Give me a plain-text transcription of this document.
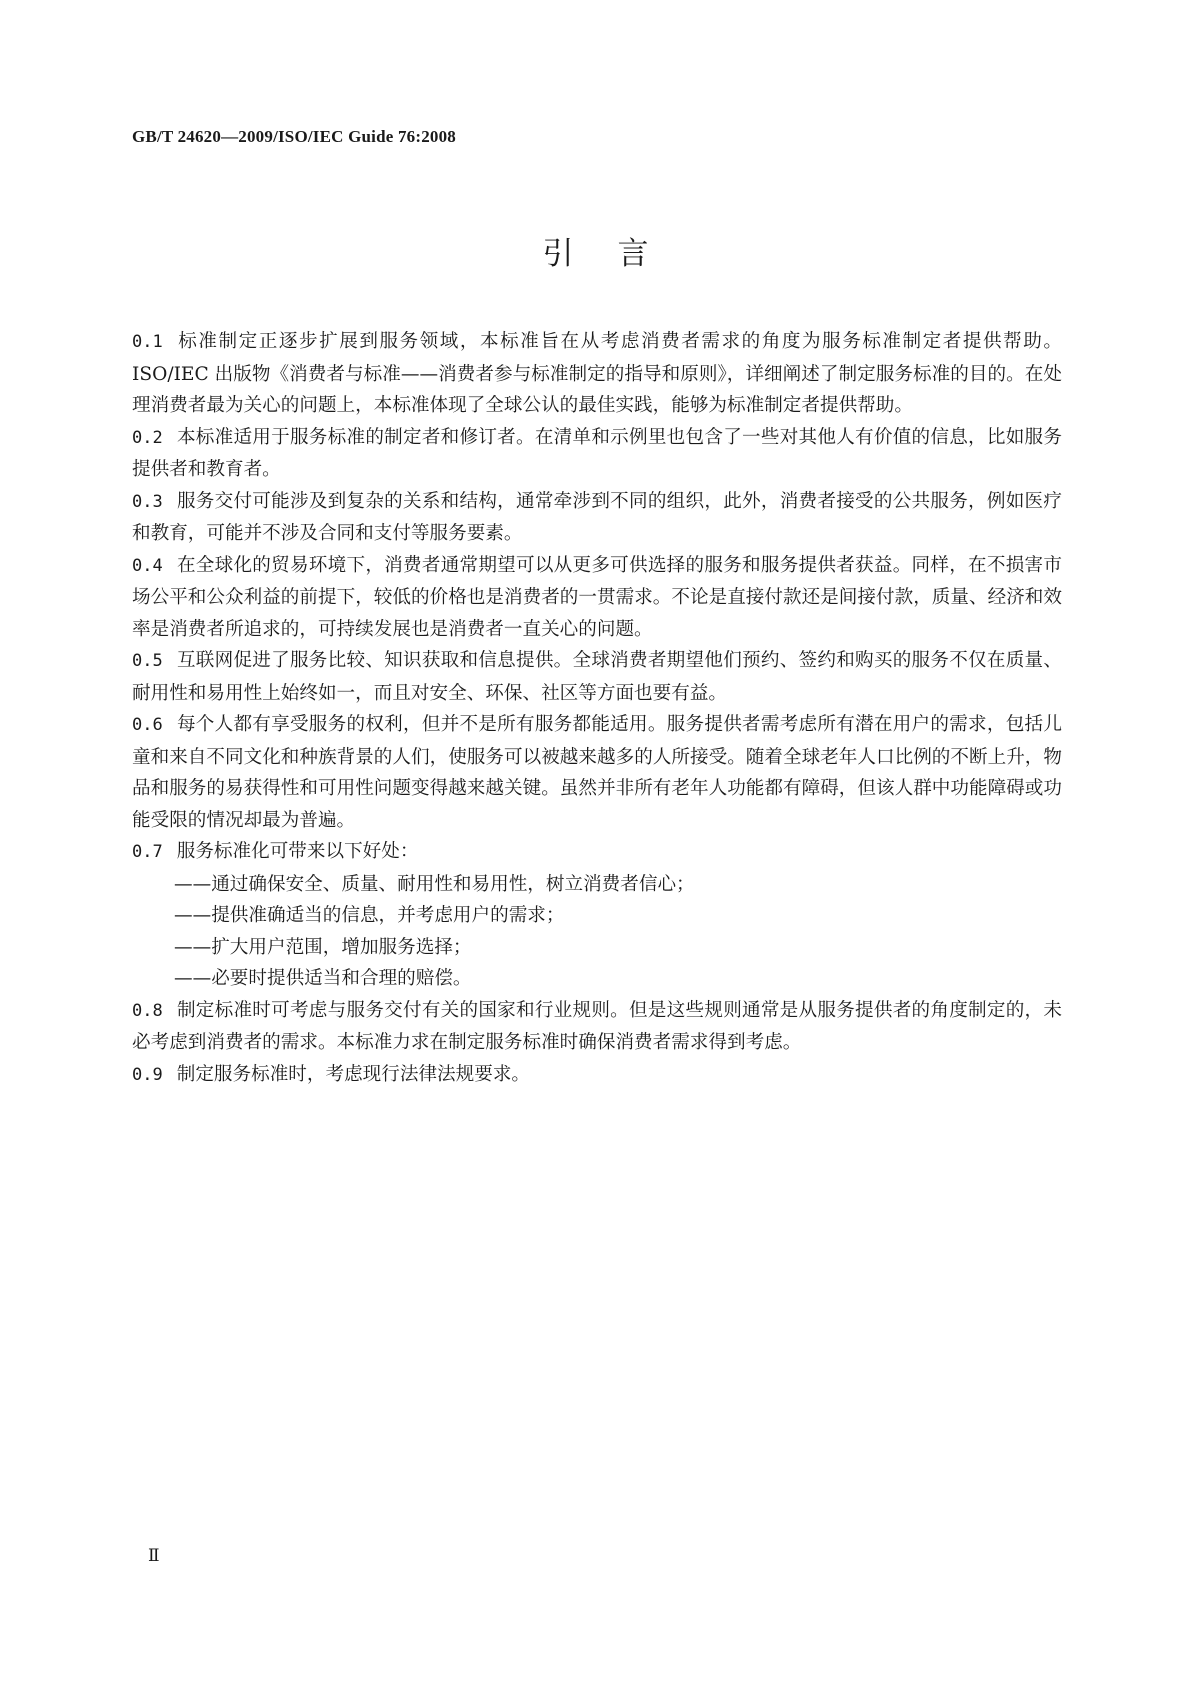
GB/T 24620—2009/ISO/IEC Guide 76:2008
引言

0.1 标准制定正逐步扩展到服务领域，本标准旨在从考虑消费者需求的角度为服务标准制定者提供帮助。ISO/IEC 出版物《消费者与标准——消费者参与标准制定的指导和原则》，详细阐述了制定服务标准的目的。在处理消费者最为关心的问题上，本标准体现了全球公认的最佳实践，能够为标准制定者提供帮助。

0.2 本标准适用于服务标准的制定者和修订者。在清单和示例里也包含了一些对其他人有价值的信息，比如服务提供者和教育者。

0.3 服务交付可能涉及到复杂的关系和结构，通常牵涉到不同的组织，此外，消费者接受的公共服务，例如医疗和教育，可能并不涉及合同和支付等服务要素。

0.4 在全球化的贸易环境下，消费者通常期望可以从更多可供选择的服务和服务提供者获益。同样，在不损害市场公平和公众利益的前提下，较低的价格也是消费者的一贯需求。不论是直接付款还是间接付款，质量、经济和效率是消费者所追求的，可持续发展也是消费者一直关心的问题。

0.5 互联网促进了服务比较、知识获取和信息提供。全球消费者期望他们预约、签约和购买的服务不仅在质量、耐用性和易用性上始终如一，而且对安全、环保、社区等方面也要有益。

0.6 每个人都有享受服务的权利，但并不是所有服务都能适用。服务提供者需考虑所有潜在用户的需求，包括儿童和来自不同文化和种族背景的人们，使服务可以被越来越多的人所接受。随着全球老年人口比例的不断上升，物品和服务的易获得性和可用性问题变得越来越关键。虽然并非所有老年人功能都有障碍，但该人群中功能障碍或功能受限的情况却最为普遍。

0.7 服务标准化可带来以下好处：

——通过确保安全、质量、耐用性和易用性，树立消费者信心；

——提供准确适当的信息，并考虑用户的需求；

——扩大用户范围，增加服务选择；

——必要时提供适当和合理的赔偿。

0.8 制定标准时可考虑与服务交付有关的国家和行业规则。但是这些规则通常是从服务提供者的角度制定的，未必考虑到消费者的需求。本标准力求在制定服务标准时确保消费者需求得到考虑。

0.9 制定服务标准时，考虑现行法律法规要求。

Ⅱ
